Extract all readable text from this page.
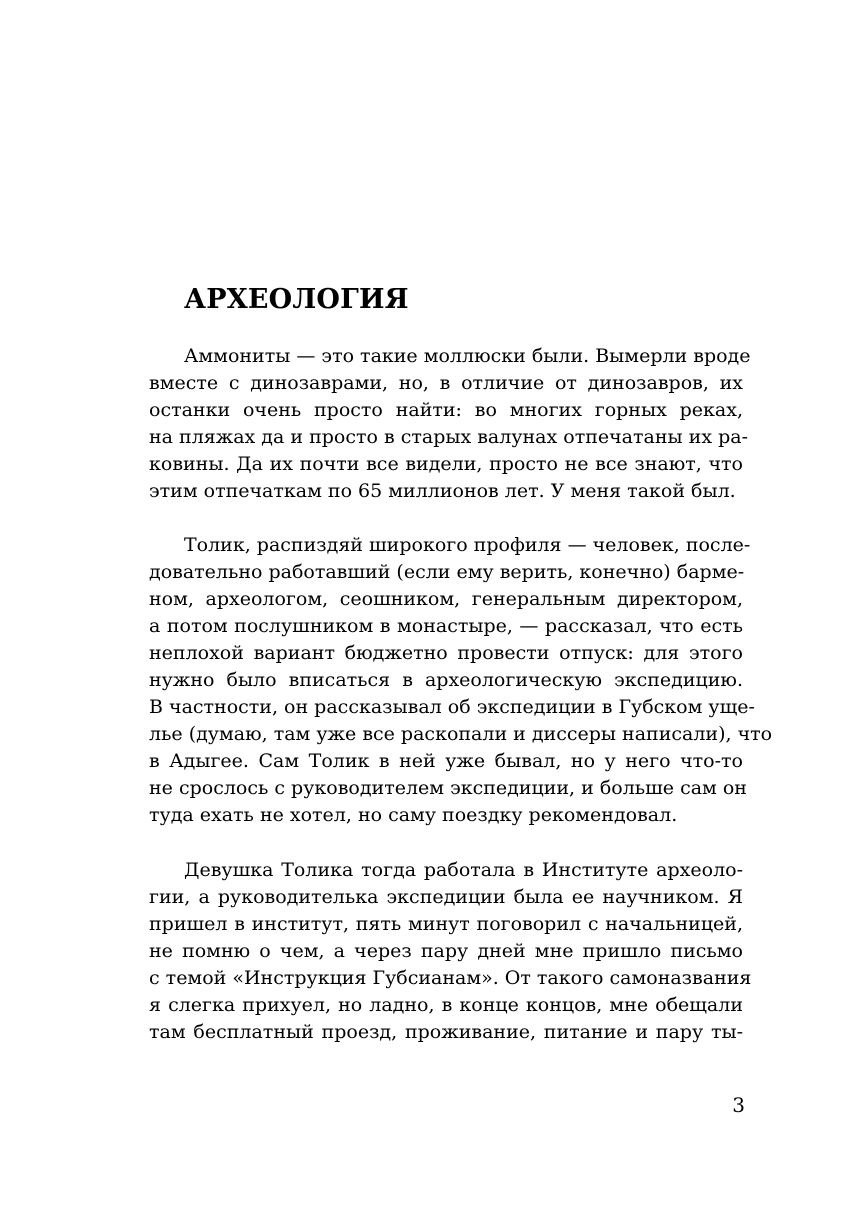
АРХЕОЛОГИЯ
Аммониты — это такие моллюски были. Вымерли вроде
вместе с динозаврами, но, в отличие от динозавров, их
останки очень просто найти: во многих горных реках,
на пляжах да и просто в старых валунах отпечатаны их ра-
ковины. Да их почти все видели, просто не все знают, что
этим отпечаткам по 65 миллионов лет. У меня такой был.
Толик, распиздяй широкого профиля — человек, после-
довательно работавший (если ему верить, конечно) барме-
ном, археологом, сеошником, генеральным директором,
а потом послушником в монастыре, — рассказал, что есть
неплохой вариант бюджетно провести отпуск: для этого
нужно было вписаться в археологическую экспедицию.
В частности, он рассказывал об экспедиции в Губском уще-
лье (думаю, там уже все раскопали и диссеры написали), что
в Адыгее. Сам Толик в ней уже бывал, но у него что-то
не срослось с руководителем экспедиции, и больше сам он
туда ехать не хотел, но саму поездку рекомендовал.
Девушка Толика тогда работала в Институте археоло-
гии, а руководителька экспедиции была ее научником. Я
пришел в институт, пять минут поговорил с начальницей,
не помню о чем, а через пару дней мне пришло письмо
с темой «Инструкция Губсианам». От такого самоназвания
я слегка прихуел, но ладно, в конце концов, мне обещали
там бесплатный проезд, проживание, питание и пару ты-

3
